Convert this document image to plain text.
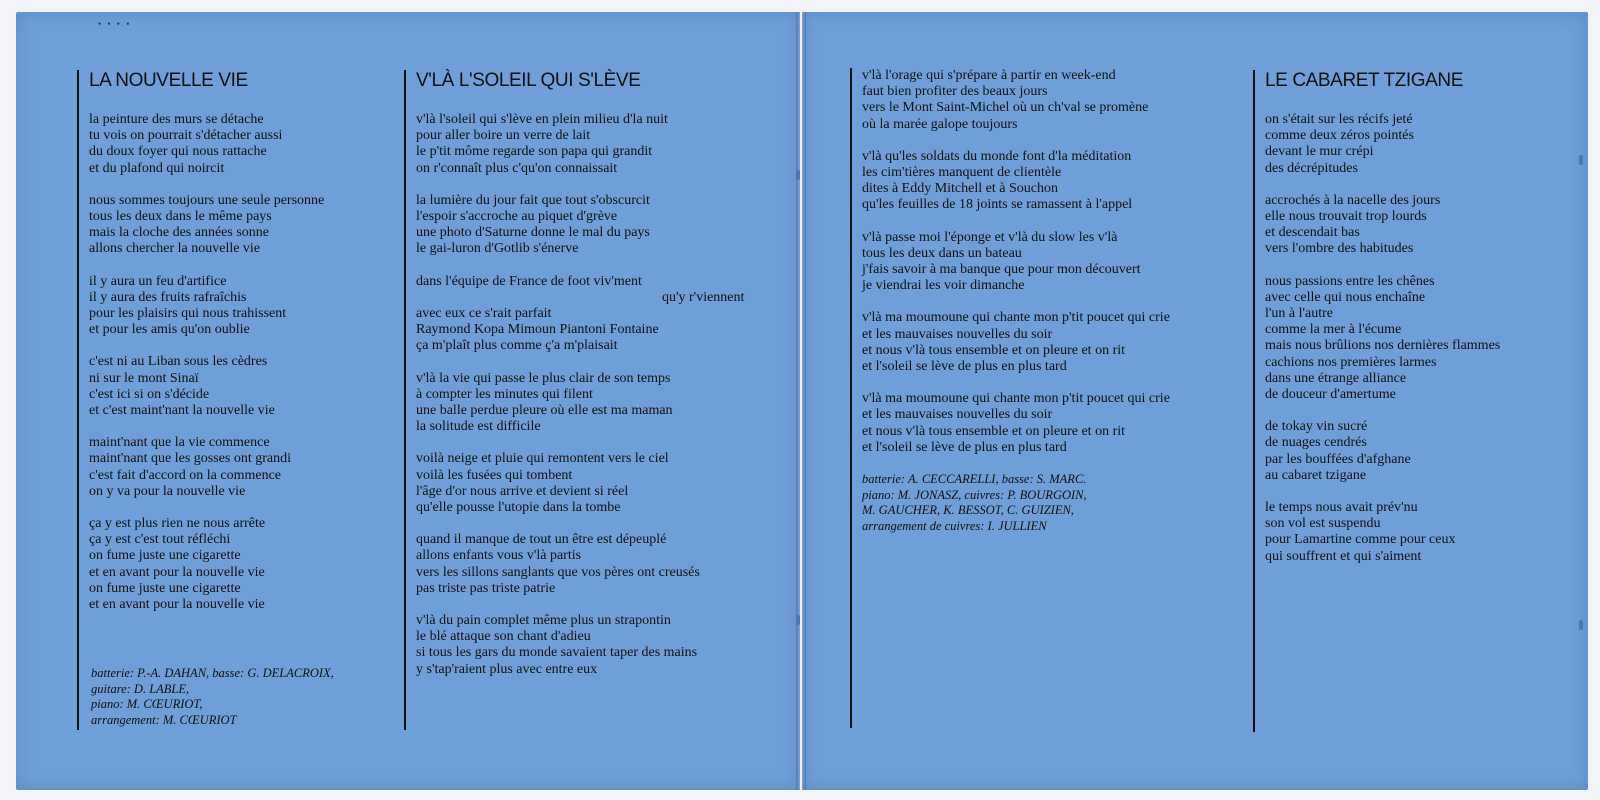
• • • •
LA NOUVELLE VIE
la peinture des murs se détache
tu vois on pourrait s'détacher aussi
du doux foyer qui nous rattache
et du plafond qui noircit
nous sommes toujours une seule personne
tous les deux dans le même pays
mais la cloche des années sonne
allons chercher la nouvelle vie
il y aura un feu d'artifice
il y aura des fruits rafraîchis
pour les plaisirs qui nous trahissent
et pour les amis qu'on oublie
c'est ni au Liban sous les cèdres
ni sur le mont Sinaï
c'est ici si on s'décide
et c'est maint'nant la nouvelle vie
maint'nant que la vie commence
maint'nant que les gosses ont grandi
c'est fait d'accord on la commence
on y va pour la nouvelle vie
ça y est plus rien ne nous arrête
ça y est c'est tout réfléchi
on fume juste une cigarette
et en avant pour la nouvelle vie
on fume juste une cigarette
et en avant pour la nouvelle vie
batterie: P.-A. DAHAN, basse: G. DELACROIX,
guitare: D. LABLE,
piano: M. CŒURIOT,
arrangement: M. CŒURIOT
V'LÀ L'SOLEIL QUI S'LÈVE
v'là l'soleil qui s'lève en plein milieu d'la nuit
pour aller boire un verre de lait
le p'tit môme regarde son papa qui grandit
on r'connaît plus c'qu'on connaissait
la lumière du jour fait que tout s'obscurcit
l'espoir s'accroche au piquet d'grève
une photo d'Saturne donne le mal du pays
le gai-luron d'Gotlib s'énerve
dans l'équipe de France de foot viv'ment
qu'y r'viennent
avec eux ce s'rait parfait
Raymond Kopa Mimoun Piantoni Fontaine
ça m'plaît plus comme ç'a m'plaisait
v'là la vie qui passe le plus clair de son temps
à compter les minutes qui filent
une balle perdue pleure où elle est ma maman
la solitude est difficile
voilà neige et pluie qui remontent vers le ciel
voilà les fusées qui tombent
l'âge d'or nous arrive et devient si réel
qu'elle pousse l'utopie dans la tombe
quand il manque de tout un être est dépeuplé
allons enfants vous v'là partis
vers les sillons sanglants que vos pères ont creusés
pas triste pas triste patrie
v'là du pain complet même plus un strapontin
le blé attaque son chant d'adieu
si tous les gars du monde savaient taper des mains
y s'tap'raient plus avec entre eux
v'là l'orage qui s'prépare à partir en week-end
faut bien profiter des beaux jours
vers le Mont Saint-Michel où un ch'val se promène
où la marée galope toujours
v'là qu'les soldats du monde font d'la méditation
les cim'tières manquent de clientèle
dites à Eddy Mitchell et à Souchon
qu'les feuilles de 18 joints se ramassent à l'appel
v'là passe moi l'éponge et v'là du slow les v'là
tous les deux dans un bateau
j'fais savoir à ma banque que pour mon découvert
je viendrai les voir dimanche
v'là ma moumoune qui chante mon p'tit poucet qui crie
et les mauvaises nouvelles du soir
et nous v'là tous ensemble et on pleure et on rit
et l'soleil se lève de plus en plus tard
v'là ma moumoune qui chante mon p'tit poucet qui crie
et les mauvaises nouvelles du soir
et nous v'là tous ensemble et on pleure et on rit
et l'soleil se lève de plus en plus tard
batterie: A. CECCARELLI, basse: S. MARC.
piano: M. JONASZ, cuivres: P. BOURGOIN,
M. GAUCHER, K. BESSOT, C. GUIZIEN,
arrangement de cuivres: I. JULLIEN
LE CABARET TZIGANE
on s'était sur les récifs jeté
comme deux zéros pointés
devant le mur crépi
des décrépitudes
accrochés à la nacelle des jours
elle nous trouvait trop lourds
et descendait bas
vers l'ombre des habitudes
nous passions entre les chênes
avec celle qui nous enchaîne
l'un à l'autre
comme la mer à l'écume
mais nous brûlions nos dernières flammes
cachions nos premières larmes
dans une étrange alliance
de douceur d'amertume
de tokay vin sucré
de nuages cendrés
par les bouffées d'afghane
au cabaret tzigane
le temps nous avait prév'nu
son vol est suspendu
pour Lamartine comme pour ceux
qui souffrent et qui s'aiment
